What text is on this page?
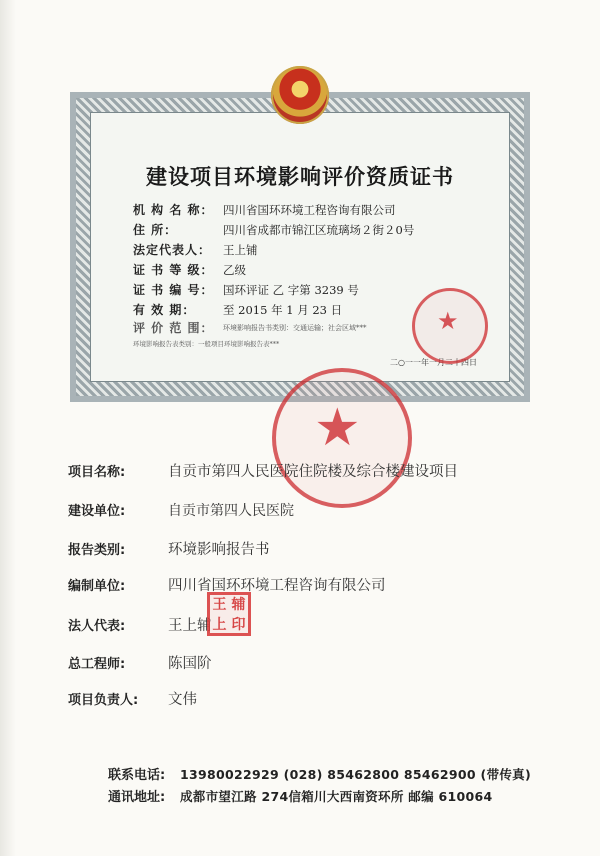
建设项目环境影响评价资质证书
机 构 名 称： 四川省国环环境工程咨询有限公司
住 所：	四川省成都市锦江区琉璃场２街２0号
法定代表人：	王上铺
证 书 等 级： 乙级
证 书 编 号： 国环评证 乙 字第 3239 号
有 效 期：	至 2015 年 1 月 23 日
评 价 范 围：	环境影响报告书类别：交通运输；社会区域***
环境影响报告表类别：一般项目环境影响报告表***
二○一一年一月二十四日
★
★
项目名称:	自贡市第四人民医院住院楼及综合楼建设项目
建设单位:	自贡市第四人民医院
报告类别:	环境影响报告书
编制单位:	四川省国环环境工程咨询有限公司
法人代表:	王上辅
总工程师:	陈国阶
项目负责人:	文伟
王 辅
上 印
联系电话:	13980022929 (028) 85462800 85462900 (带传真)
通讯地址:	成都市望江路 274信箱川大西南资环所 邮编 610064
